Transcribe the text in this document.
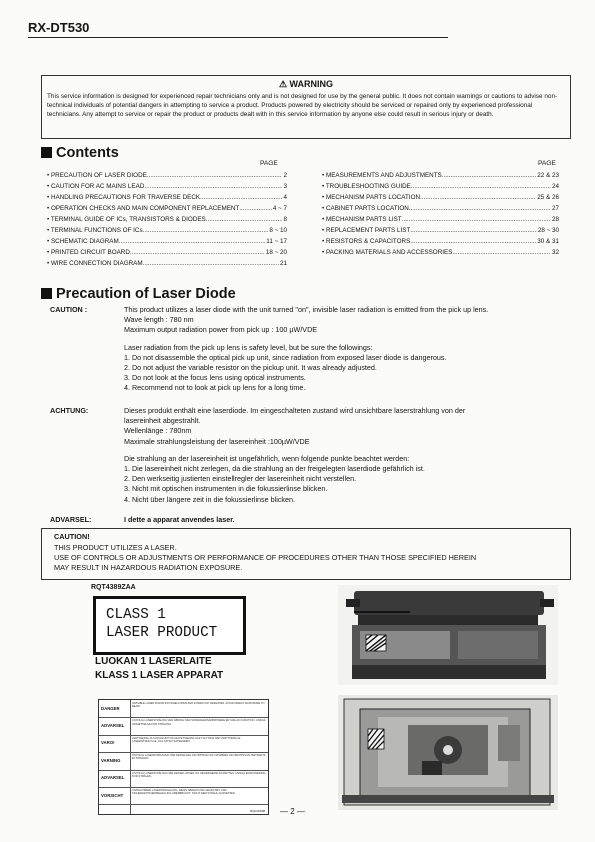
RX-DT530
⚠ WARNING
This service information is designed for experienced repair technicians only and is not designed for use by the general public. It does not contain warnings or cautions to advise non-technical individuals of potential dangers in attempting to service a product. Products powered by electricity should be serviced or repaired only by experienced professional technicians. Any attempt to service or repair the product or products dealt with in this service information by anyone else could result in serious injury or death.
Contents
PAGE	PAGE
• PRECAUTION OF LASER DIODE .....	2
• CAUTION FOR AC MAINS LEAD .....	3
• HANDLING PRECAUTIONS FOR TRAVERSE DECK .....	4
• OPERATION CHECKS AND MAIN COMPONENT REPLACEMENT .....	4 ~ 7
• TERMINAL GUIDE OF ICs, TRANSISTORS & DIODES .....	8
• TERMINAL FUNCTIONS OF ICs .....	8 ~ 10
• SCHEMATIC DIAGRAM .....	11 ~ 17
• PRINTED CIRCUIT BOARD .....	18 ~ 20
• WIRE CONNECTION DIAGRAM .....	21
• MEASUREMENTS AND ADJUSTMENTS .....	22 & 23
• TROUBLESHOOTING GUIDE .....	24
• MECHANISM PARTS LOCATION .....	25 & 26
• CABINET PARTS LOCATION .....	27
• MECHANISM PARTS LIST .....	28
• REPLACEMENT PARTS LIST .....	28 ~ 30
• RESISTORS & CAPACITORS .....	30 & 31
• PACKING MATERIALS AND ACCESSORIES .....	32
Precaution of Laser Diode
CAUTION :	This product utilizes a laser diode with the unit turned "on", invisible laser radiation is emitted from the pick up lens.
Wave length : 780 nm
Maximum output radiation power from pick up : 100 µW/VDE
Laser radiation from the pick up lens is safety level, but be sure the followings:
1. Do not disassemble the optical pick up unit, since radiation from exposed laser diode is dangerous.
2. Do not adjust the variable resistor on the pickup unit. It was already adjusted.
3. Do not look at the focus lens using optical instruments.
4. Recommend not to look at pick up lens for a long time.
ACHTUNG:	Dieses produkt enthält eine laserdiode. Im eingeschalteten zustand wird unsichtbare laserstrahlung von der
lasereinheit abgestrahlt.
Wellenlänge : 780nm
Maximale strahlungsleistung der lasereinheit :100µW/VDE
Die strahlung an der lasereinheit ist ungefährlich, wenn folgende punkte beachtet werden:
1. Die lasereinheit nicht zerlegen, da die strahlung an der freigelegten laserdiode gefährlich ist.
2. Den werkseitig justierten einstellregler der lasereinheit nicht verstellen.
3. Nicht mit optischen instrumenten in die fokussierlinse blicken.
4. Nicht über längere zeit in die fokussierlinse blicken.
ADVARSEL:	I dette a apparat anvendes laser.
CAUTION!
THIS PRODUCT UTILIZES A LASER.
USE OF CONTROLS OR ADJUSTMENTS OR PERFORMANCE OF PROCEDURES OTHER THAN THOSE SPECIFIED HEREIN
MAY RESULT IN HAZARDOUS RADIATION EXPOSURE.
RQT4389ZAA
CLASS 1
LASER PRODUCT
LUOKAN 1 LASERLAITE
KLASS 1 LASER APPARAT
RQL2019B
DANGER
INVISIBLE LASER RADIATION WHEN OPEN AND INTERLOCK DEFEATED. AVOID DIRECT EXPOSURE TO BEAM.
ADVARSEL
USYNLIG LASERSTRÅLING VED ÅBNING NÅR SIKKERHEDSAFBRYDERE ER UDE AF FUNKTION. UNDGÅ UDSÆTTELSE FOR STRÅLING.
VARO!
AVATTAESSA JA SUOJALUKITUS OHITETTAESSA OLET ALTTIINA NÄKYMÄTTÖMÄLLE LASERSÄTEILYLLE. ÄLÄ KATSO SÄTEESEEN.
VARNING
OSYNLIG LASERSTRÅLNING NÄR DENNA DEL ÄR ÖPPNAD OCH SPÄRREN ÄR URKOPPLAD. BETRAKTA EJ STRÅLEN.
ADVARSEL
USYNLIG LASERSTRÅLING NÅR DEKSEL ÅPNES OG SIKKERHEDSLÅS BRYTES. UNNGÅ EKSPONERING FOR STRÅLEN.
VORSICHT
UNSICHTBARE LASERSTRAHLUNG, WENN ABDECKUNG GEÖFFNET UND SICHERHEITSVERRIEGELUNG ÜBERBRÜCKT. NICHT DEM STRAHL AUSSETZEN.
— 2 —
